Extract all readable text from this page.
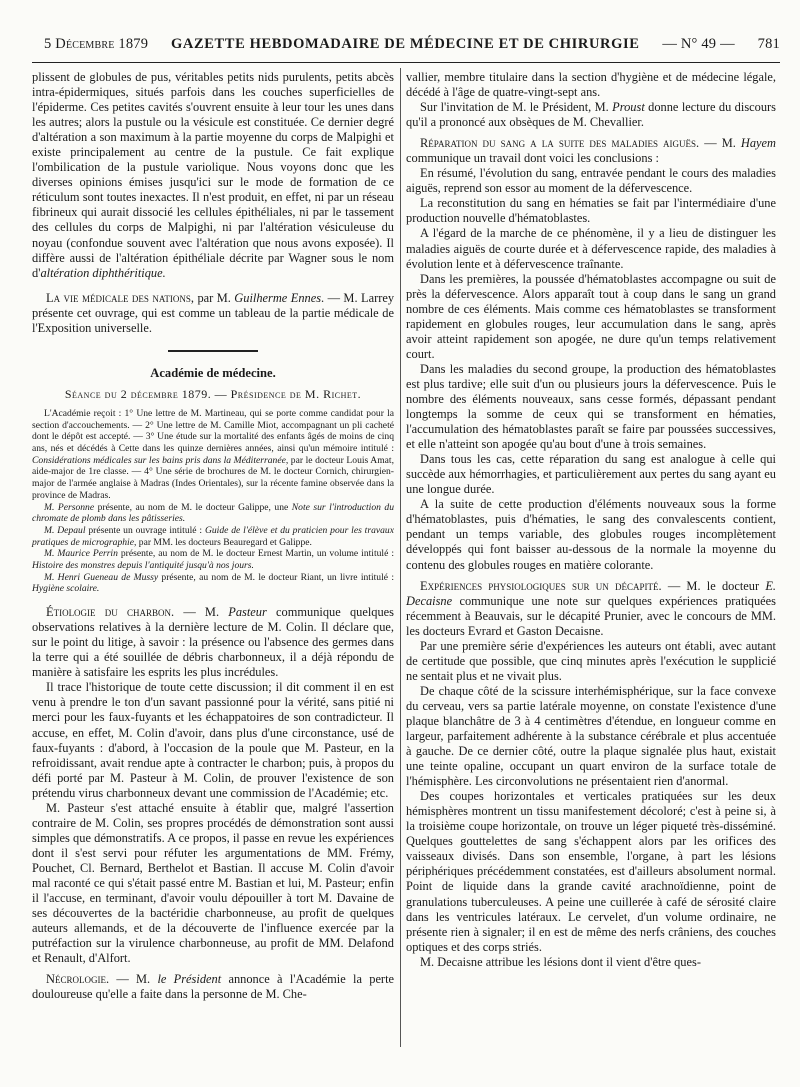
5 Décembre 1879 GAZETTE HEBDOMADAIRE DE MÉDECINE ET DE CHIRURGIE — N° 49 — 781

plissent de globules de pus, véritables petits nids purulents, petits abcès intra-épidermiques, situés parfois dans les couches superficielles de l'épiderme. Ces petites cavités s'ouvrent ensuite à leur tour les unes dans les autres; alors la pustule ou la vésicule est constituée. Ce dernier degré d'altération a son maximum à la partie moyenne du corps de Malpighi et existe principalement au centre de la pustule. Ce fait explique l'ombilication de la pustule variolique. Nous voyons donc que les diverses opinions émises jusqu'ici sur le mode de formation de ce réticulum sont toutes inexactes. Il n'est produit, en effet, ni par un réseau fibrineux qui aurait dissocié les cellules épithéliales, ni par le tassement des cellules du corps de Malpighi, ni par l'altération vésiculeuse du noyau (confondue souvent avec l'altération que nous avons exposée). Il diffère aussi de l'altération épithéliale décrite par Wagner sous le nom d'altération diphthéritique.

La vie médicale des nations, par M. Guilherme Ennes. — M. Larrey présente cet ouvrage, qui est comme un tableau de la partie médicale de l'Exposition universelle.

Académie de médecine.
Séance du 2 décembre 1879. — Présidence de M. Richet.

L'Académie reçoit : 1° Une lettre de M. Martineau, qui se porte comme candidat pour la section d'accouchements. — 2° Une lettre de M. Camille Miot, accompagnant un pli cacheté dont le dépôt est accepté. — 3° Une étude sur la mortalité des enfants âgés de moins de cinq ans, nés et décédés à Cette dans les quinze dernières années, ainsi qu'un mémoire intitulé : Considérations médicales sur les bains pris dans la Méditerranée, par le docteur Louis Amat, aide-major de 1re classe. — 4° Une série de brochures de M. le docteur Cornich, chirurgien-major de l'armée anglaise à Madras (Indes Orientales), sur la récente famine observée dans la province de Madras.

M. Personne présente, au nom de M. le docteur Galippe, une Note sur l'introduction du chromate de plomb dans les pâtisseries.

M. Depaul présente un ouvrage intitulé : Guide de l'élève et du praticien pour les travaux pratiques de micrographie, par MM. les docteurs Beauregard et Galippe.

M. Maurice Perrin présente, au nom de M. le docteur Ernest Martin, un volume intitulé : Histoire des monstres depuis l'antiquité jusqu'à nos jours.

M. Henri Gueneau de Mussy présente, au nom de M. le docteur Riant, un livre intitulé : Hygiène scolaire.

Étiologie du charbon. — M. Pasteur communique quelques observations relatives à la dernière lecture de M. Colin. Il déclare que, sur le point du litige, à savoir : la présence ou l'absence des germes dans la terre qui a été souillée de débris charbonneux, il a déjà répondu de manière à satisfaire les esprits les plus incrédules.

Il trace l'historique de toute cette discussion; il dit comment il en est venu à prendre le ton d'un savant passionné pour la vérité, sans pitié ni merci pour les faux-fuyants et les échappatoires de son contradicteur. Il accuse, en effet, M. Colin d'avoir, dans plus d'une circonstance, usé de faux-fuyants : d'abord, à l'occasion de la poule que M. Pasteur, en la refroidissant, avait rendue apte à contracter le charbon; puis, à propos du défi porté par M. Pasteur à M. Colin, de prouver l'existence de son prétendu virus charbonneux devant une commission de l'Académie; etc.

M. Pasteur s'est attaché ensuite à établir que, malgré l'assertion contraire de M. Colin, ses propres procédés de démonstration sont aussi simples que démonstratifs. A ce propos, il passe en revue les expériences dont il s'est servi pour réfuter les argumentations de MM. Frémy, Pouchet, Cl. Bernard, Berthelot et Bastian. Il accuse M. Colin d'avoir mal raconté ce qui s'était passé entre M. Bastian et lui, M. Pasteur; enfin il l'accuse, en terminant, d'avoir voulu dépouiller à tort M. Davaine de ses découvertes de la bactéridie charbonneuse, au profit de quelques auteurs allemands, et de la découverte de l'influence exercée par la putréfaction sur la virulence charbonneuse, au profit de MM. Delafond et Renault, d'Alfort.

Nécrologie. — M. le Président annonce à l'Académie la perte douloureuse qu'elle a faite dans la personne de M. Che-

vallier, membre titulaire dans la section d'hygiène et de médecine légale, décédé à l'âge de quatre-vingt-sept ans.

Sur l'invitation de M. le Président, M. Proust donne lecture du discours qu'il a prononcé aux obsèques de M. Chevallier.

Réparation du sang a la suite des maladies aiguës. — M. Hayem communique un travail dont voici les conclusions :

En résumé, l'évolution du sang, entravée pendant le cours des maladies aiguës, reprend son essor au moment de la défervescence.

La reconstitution du sang en hématies se fait par l'intermédiaire d'une production nouvelle d'hématoblastes.

A l'égard de la marche de ce phénomène, il y a lieu de distinguer les maladies aiguës de courte durée et à défervescence rapide, des maladies à évolution lente et à défervescence traînante.

Dans les premières, la poussée d'hématoblastes accompagne ou suit de près la défervescence. Alors apparaît tout à coup dans le sang un grand nombre de ces éléments. Mais comme ces hématoblastes se transforment rapidement en globules rouges, leur accumulation dans le sang, après avoir atteint rapidement son apogée, ne dure qu'un temps relativement court.

Dans les maladies du second groupe, la production des hématoblastes est plus tardive; elle suit d'un ou plusieurs jours la défervescence. Puis le nombre des éléments nouveaux, sans cesse formés, dépassant pendant longtemps la somme de ceux qui se transforment en hématies, l'accumulation des hématoblastes paraît se faire par poussées successives, et elle n'atteint son apogée qu'au bout d'une à trois semaines.

Dans tous les cas, cette réparation du sang est analogue à celle qui succède aux hémorrhagies, et particulièrement aux pertes du sang ayant eu une longue durée.

A la suite de cette production d'éléments nouveaux sous la forme d'hématoblastes, puis d'hématies, le sang des convalescents contient, pendant un temps variable, des globules rouges incomplètement développés qui font baisser au-dessous de la normale la moyenne du contenu des globules rouges en matière colorante.

Expériences physiologiques sur un décapité. — M. le docteur E. Decaisne communique une note sur quelques expériences pratiquées récemment à Beauvais, sur le décapité Prunier, avec le concours de MM. les docteurs Evrard et Gaston Decaisne.

Par une première série d'expériences les auteurs ont établi, avec autant de certitude que possible, que cinq minutes après l'exécution le supplicié ne sentait plus et ne vivait plus.

De chaque côté de la scissure interhémisphérique, sur la face convexe du cerveau, vers sa partie latérale moyenne, on constate l'existence d'une plaque blanchâtre de 3 à 4 centimètres d'étendue, en longueur comme en largeur, parfaitement adhérente à la substance cérébrale et plus accentuée à gauche. De ce dernier côté, outre la plaque signalée plus haut, existait une teinte opaline, occupant un quart environ de la surface totale de l'hémisphère. Les circonvolutions ne présentaient rien d'anormal.

Des coupes horizontales et verticales pratiquées sur les deux hémisphères montrent un tissu manifestement décoloré; c'est à peine si, à la troisième coupe horizontale, on trouve un léger piqueté très-disséminé. Quelques gouttelettes de sang s'échappent alors par les orifices des vaisseaux divisés. Dans son ensemble, l'organe, à part les lésions périphériques précédemment constatées, est d'ailleurs absolument normal. Point de liquide dans la grande cavité arachnoïdienne, point de granulations tuberculeuses. A peine une cuillerée à café de sérosité claire dans les ventricules latéraux. Le cervelet, d'un volume ordinaire, ne présente rien à signaler; il en est de même des nerfs crâniens, des couches optiques et des corps striés.

M. Decaisne attribue les lésions dont il vient d'être ques-
